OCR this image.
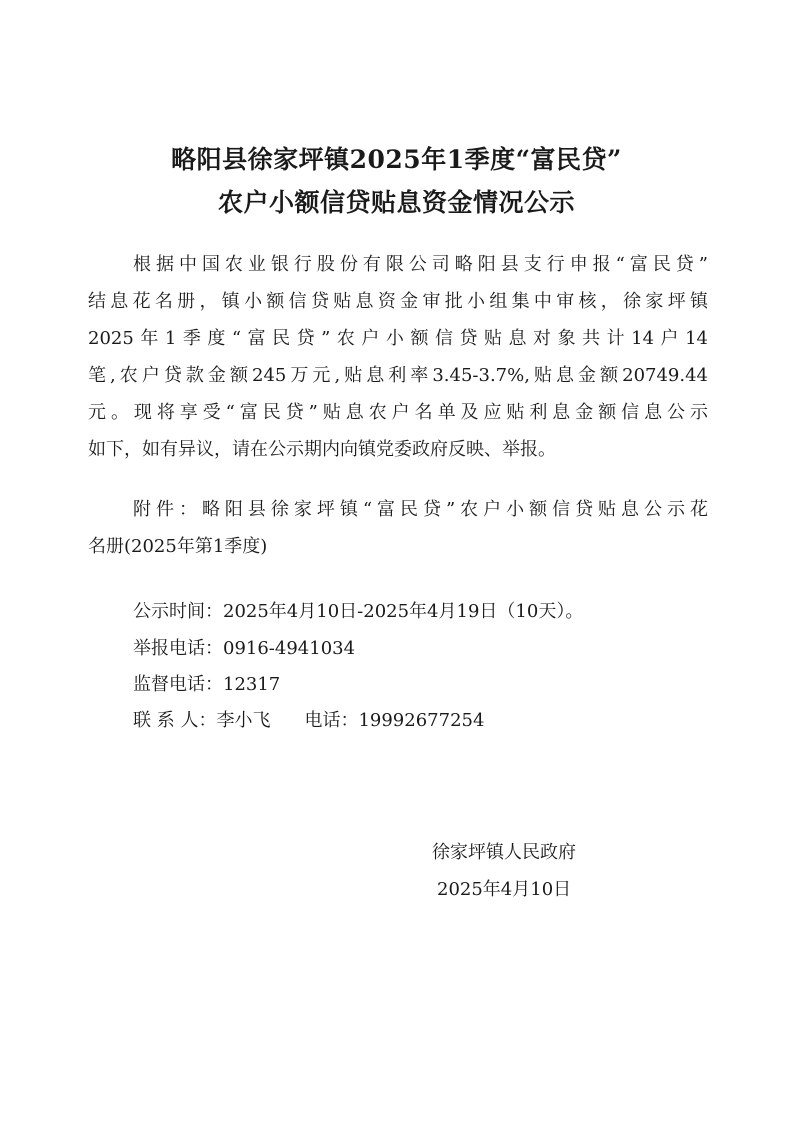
略阳县徐家坪镇2025年1季度“富民贷”
农户小额信贷贴息资金情况公示
根据中国农业银行股份有限公司略阳县支行申报“富民贷”
结息花名册，镇小额信贷贴息资金审批小组集中审核，徐家坪镇
2025年1季度“富民贷”农户小额信贷贴息对象共计14户14
笔,农户贷款金额245万元,贴息利率3.45-3.7%,贴息金额20749.44
元。现将享受“富民贷”贴息农户名单及应贴利息金额信息公示
如下，如有异议，请在公示期内向镇党委政府反映、举报。
附件：略阳县徐家坪镇“富民贷”农户小额信贷贴息公示花
名册(2025年第1季度)
公示时间：2025年4月10日-2025年4月19日（10天）。
举报电话：0916-4941034
监督电话：12317
联 系 人：李小飞 电话：19992677254
徐家坪镇人民政府
2025年4月10日
